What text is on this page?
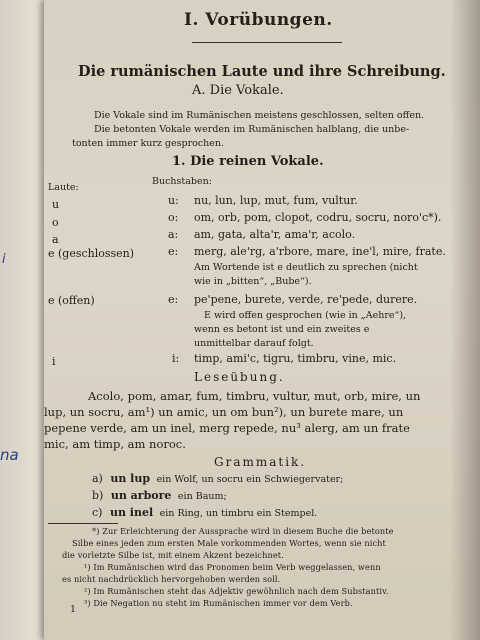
i
na
I. Vorübungen.
Die rumänischen Laute und ihre Schreibung.
A. Die Vokale.
Die Vokale sind im Rumänischen meistens geschlossen, selten offen.
Die betonten Vokale werden im Rumänischen halblang, die unbe-
tonten immer kurz gesprochen.
1. Die reinen Vokale.
Laute:
Buchstaben:
u	u: nu, lun, lup, mut, fum, vultur.
o	o: om, orb, pom, clopot, codru, socru, noro'c*).
a	a: am, gata, alta'r, ama'r, acolo.
e (geschlossen)	e: merg, ale'rg, a'rbore, mare, ine'l, mire, frate.
Am Wortende ist e deutlich zu sprechen (nicht
wie in „bitten“, „Bube“).
e (offen)	e: pe'pene, burete, verde, re'pede, durere.
E wird offen gesprochen (wie in „Aehre“),
wenn es betont ist und ein zweites e
unmittelbar darauf folgt.
i	i: timp, ami'c, tigru, timbru, vine, mic.
Leseübung.
Acolo, pom, amar, fum, timbru, vultur, mut, orb, mire, un
lup, un socru, am¹) un amic, un om bun²), un burete mare, un
pepene verde, am un inel, merg repede, nu³ alerg, am un frate
mic, am timp, am noroc.
Grammatik.
a) un lup ein Wolf, un socru ein Schwiegervater;
b) un arbore ein Baum;
c) un inel ein Ring, un timbru ein Stempel.
*) Zur Erleichterung der Aussprache wird in diesem Buche die betonte
Silbe eines jeden zum ersten Male vorkommenden Wortes, wenn sie nicht
die vorletzte Silbe ist, mit einem Akzent bezeichnet.
¹) Im Rumänischen wird das Pronomen beim Verb weggelassen, wenn
es nicht nachdrücklich hervorgehoben werden soll.
²) Im Rumänischen steht das Adjektiv gewöhnlich nach dem Substantiv.
³) Die Negation nu steht im Rumänischen immer vor dem Verb.
1
